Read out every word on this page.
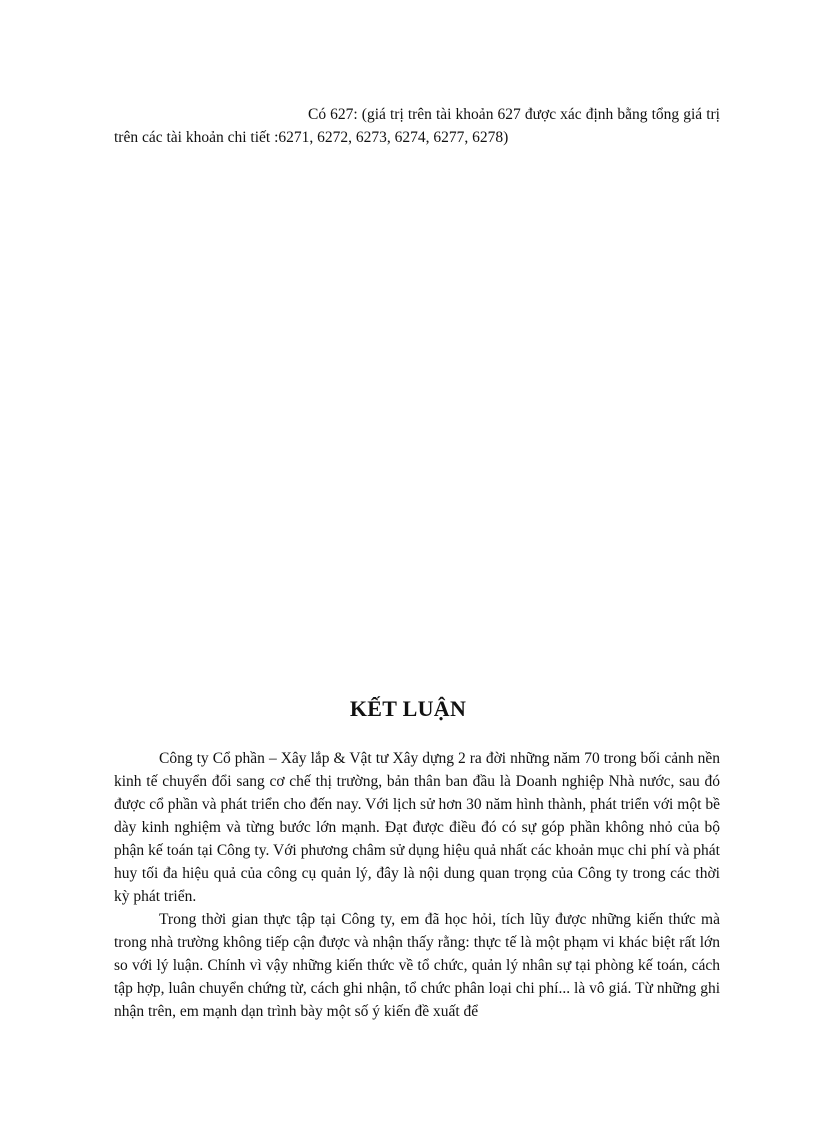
Có 627: (giá trị trên tài khoản 627 được xác định bằng tổng giá trị trên các tài khoản chi tiết :6271, 6272, 6273, 6274, 6277, 6278)

KẾT LUẬN

Công ty Cổ phần – Xây lắp & Vật tư Xây dựng 2 ra đời những năm 70 trong bối cảnh nền kinh tế chuyển đổi sang cơ chế thị trường, bản thân ban đầu là Doanh nghiệp Nhà nước, sau đó được cổ phần và phát triển cho đến nay. Với lịch sử hơn 30 năm hình thành, phát triển với một bề dày kinh nghiệm và từng bước lớn mạnh. Đạt được điều đó có sự góp phần không nhỏ của bộ phận kế toán tại Công ty. Với phương châm sử dụng hiệu quả nhất các khoản mục chi phí và phát huy tối đa hiệu quả của công cụ quản lý, đây là nội dung quan trọng của Công ty trong các thời kỳ phát triển.

Trong thời gian thực tập tại Công ty, em đã học hỏi, tích lũy được những kiến thức mà trong nhà trường không tiếp cận được và nhận thấy rằng: thực tế là một phạm vi khác biệt rất lớn so với lý luận. Chính vì vậy những kiến thức về tổ chức, quản lý nhân sự tại phòng kế toán, cách tập hợp, luân chuyển chứng từ, cách ghi nhận, tổ chức phân loại chi phí... là vô giá. Từ những ghi nhận trên, em mạnh dạn trình bày một số ý kiến đề xuất để
